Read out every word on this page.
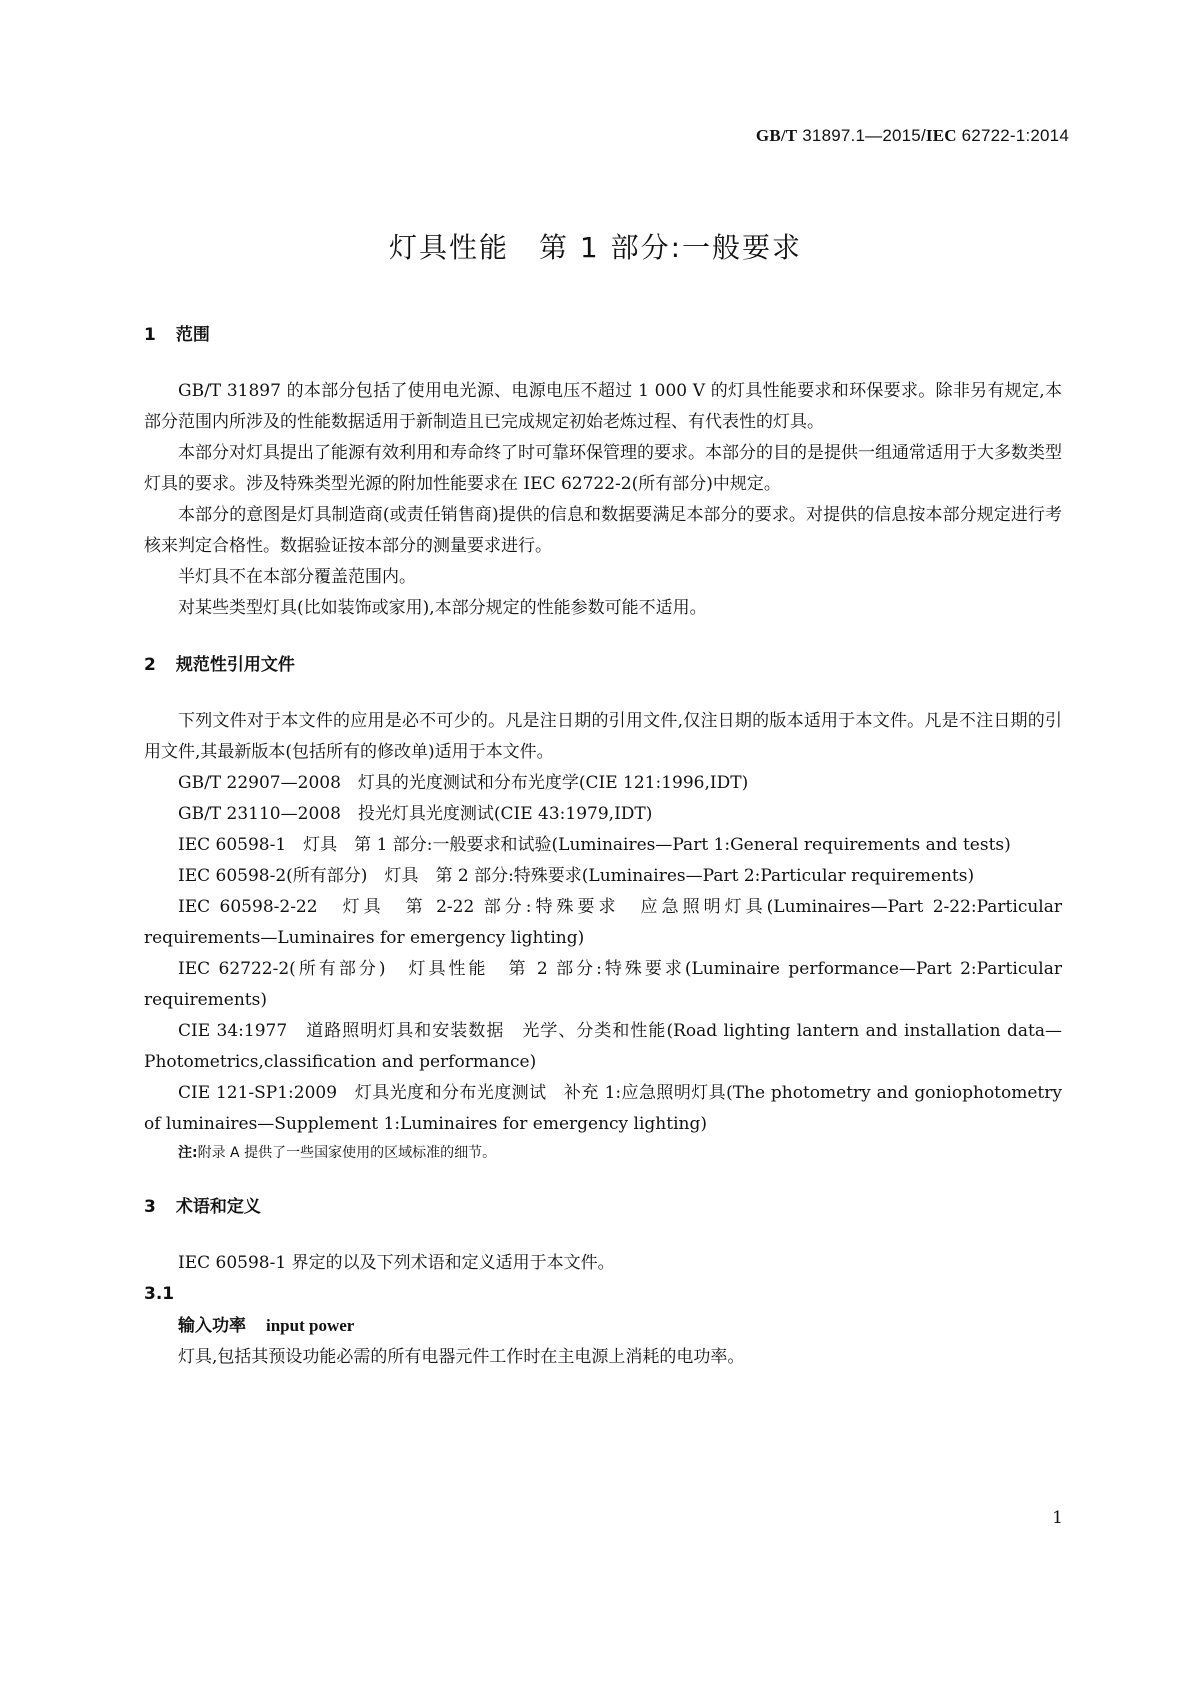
GB/T 31897.1—2015/IEC 62722-1:2014
灯具性能　第 1 部分:一般要求
1 范围

GB/T 31897 的本部分包括了使用电光源、电源电压不超过 1 000 V 的灯具性能要求和环保要求。除非另有规定,本部分范围内所涉及的性能数据适用于新制造且已完成规定初始老炼过程、有代表性的灯具。

本部分对灯具提出了能源有效利用和寿命终了时可靠环保管理的要求。本部分的目的是提供一组通常适用于大多数类型灯具的要求。涉及特殊类型光源的附加性能要求在 IEC 62722-2(所有部分)中规定。

本部分的意图是灯具制造商(或责任销售商)提供的信息和数据要满足本部分的要求。对提供的信息按本部分规定进行考核来判定合格性。数据验证按本部分的测量要求进行。

半灯具不在本部分覆盖范围内。

对某些类型灯具(比如装饰或家用),本部分规定的性能参数可能不适用。

2 规范性引用文件

下列文件对于本文件的应用是必不可少的。凡是注日期的引用文件,仅注日期的版本适用于本文件。凡是不注日期的引用文件,其最新版本(包括所有的修改单)适用于本文件。

GB/T 22907—2008　灯具的光度测试和分布光度学(CIE 121:1996,IDT)

GB/T 23110—2008　投光灯具光度测试(CIE 43:1979,IDT)

IEC 60598-1　灯具　第 1 部分:一般要求和试验(Luminaires—Part 1:General requirements and tests)

IEC 60598-2(所有部分)　灯具　第 2 部分:特殊要求(Luminaires—Part 2:Particular requirements)

IEC 60598-2-22　灯具　第 2-22 部分:特殊要求　应急照明灯具(Luminaires—Part 2-22:Particular requirements—Luminaires for emergency lighting)

IEC 62722-2(所有部分)　灯具性能　第 2 部分:特殊要求(Luminaire performance—Part 2:Particular requirements)

CIE 34:1977　道路照明灯具和安装数据　光学、分类和性能(Road lighting lantern and installation data—Photometrics,classification and performance)

CIE 121-SP1:2009　灯具光度和分布光度测试　补充 1:应急照明灯具(The photometry and goniophotometry of luminaires—Supplement 1:Luminaires for emergency lighting)

注:附录 A 提供了一些国家使用的区域标准的细节。

3 术语和定义

IEC 60598-1 界定的以及下列术语和定义适用于本文件。

3.1

输入功率 input power

灯具,包括其预设功能必需的所有电器元件工作时在主电源上消耗的电功率。

1
